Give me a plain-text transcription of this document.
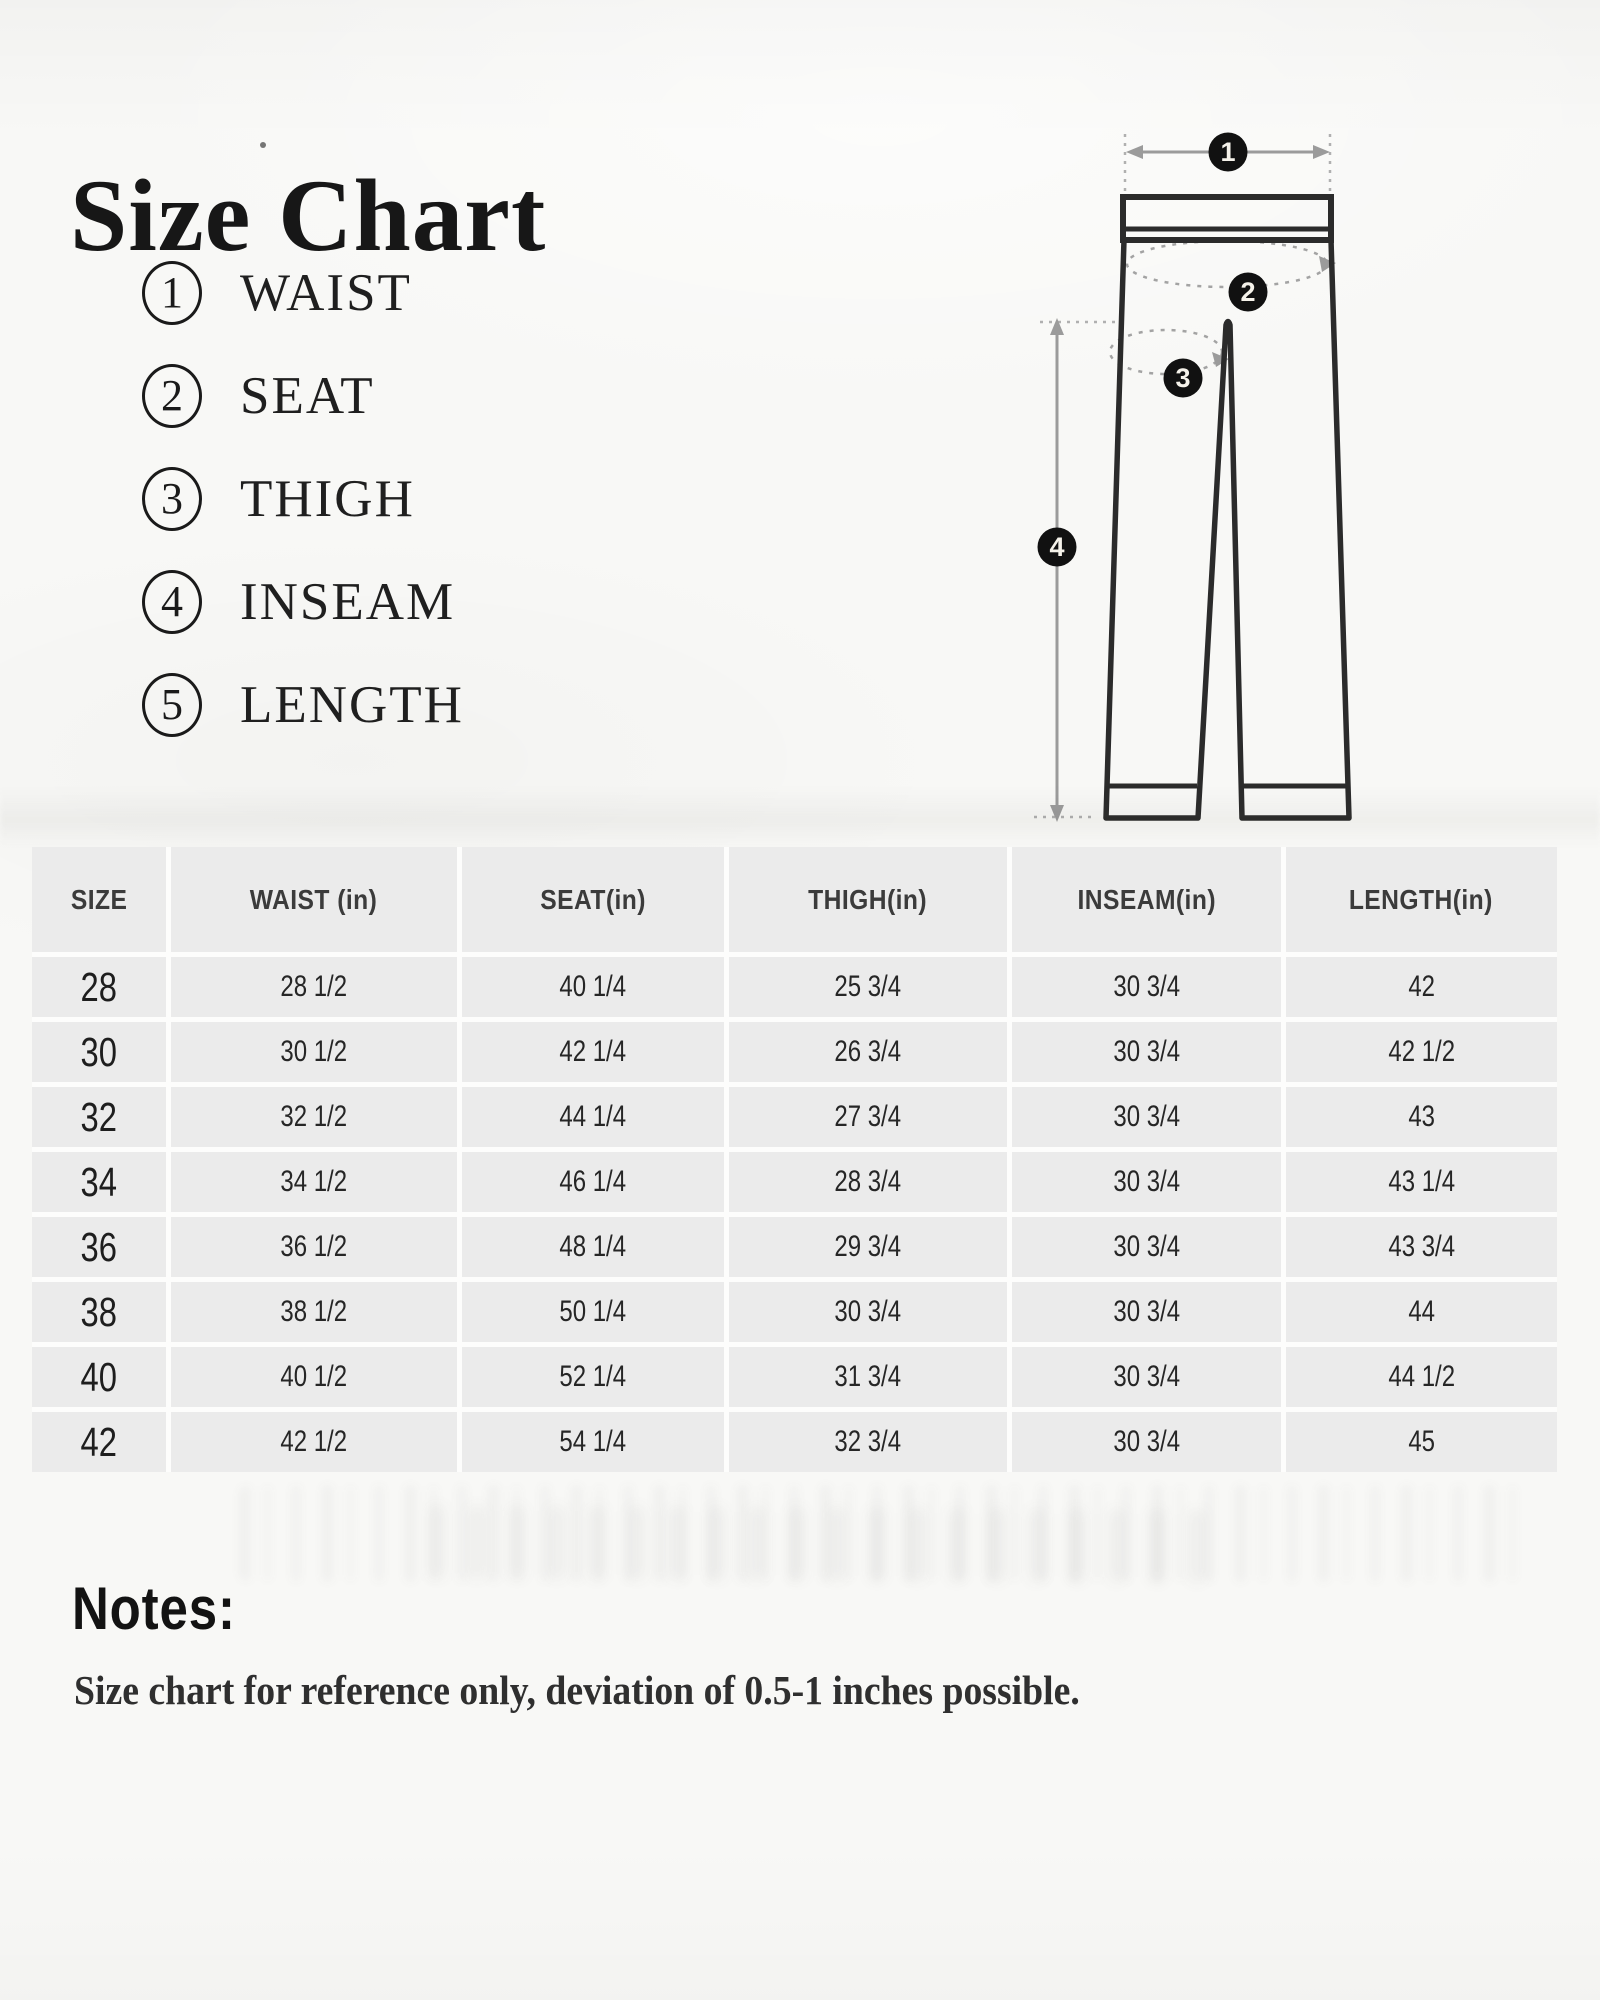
Size Chart
1	WAIST
2	SEAT
3	THIGH
4	INSEAM
5	LENGTH
1
2
3
4
SIZE	WAIST (in)	SEAT(in)	THIGH(in)	INSEAM(in)	LENGTH(in)
28	28 1/2	40 1/4	25 3/4	30 3/4	42
30	30 1/2	42 1/4	26 3/4	30 3/4	42 1/2
32	32 1/2	44 1/4	27 3/4	30 3/4	43
34	34 1/2	46 1/4	28 3/4	30 3/4	43 1/4
36	36 1/2	48 1/4	29 3/4	30 3/4	43 3/4
38	38 1/2	50 1/4	30 3/4	30 3/4	44
40	40 1/2	52 1/4	31 3/4	30 3/4	44 1/2
42	42 1/2	54 1/4	32 3/4	30 3/4	45
Notes:
Size chart for reference only, deviation of 0.5-1 inches possible.
